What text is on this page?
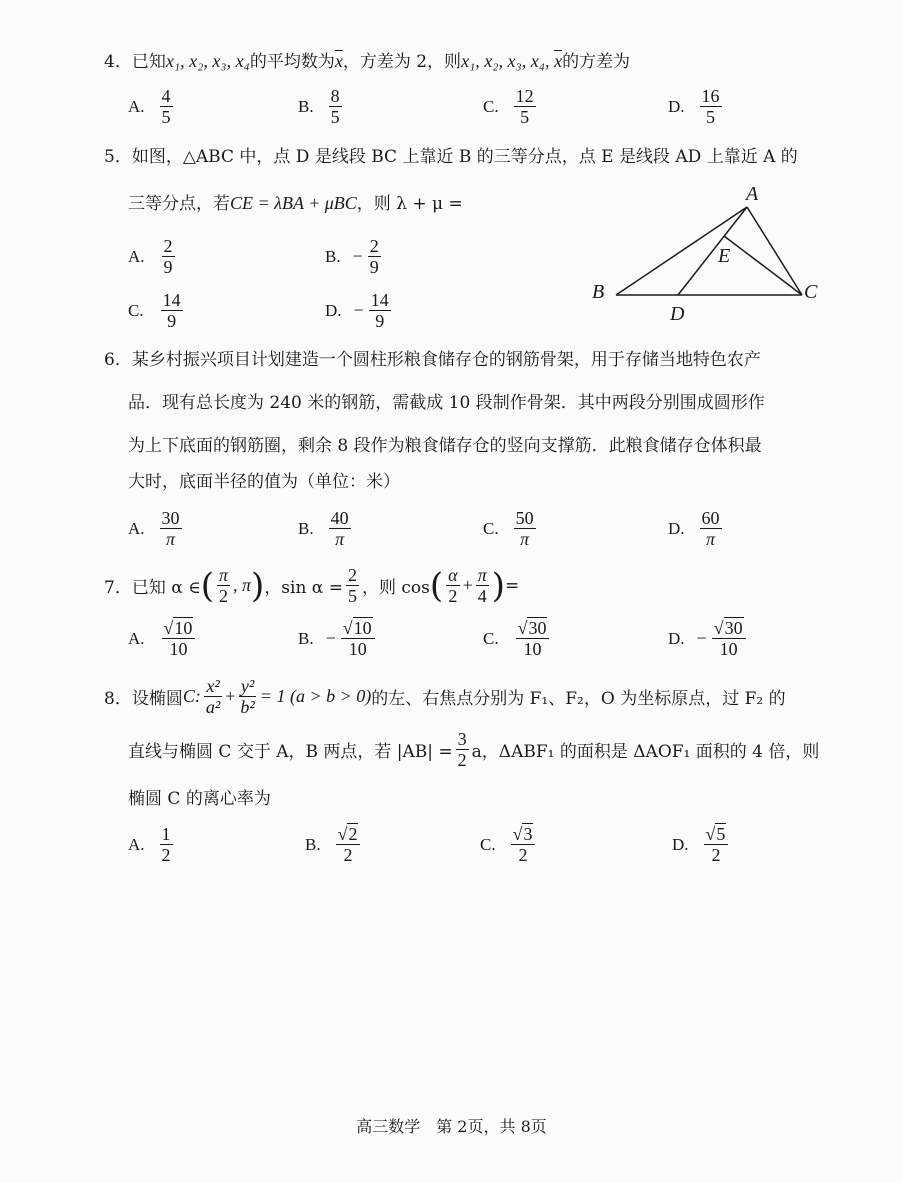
4．已知x₁, x₂, x₃, x₄的平均数为$\overline{x}$，方差为 2，则x₁, x₂, x₃, x₄, $\overline{x}$的方差为
A. $\frac{4}{5}$	B. $\frac{8}{5}$	C. $\frac{12}{5}$	D. $\frac{16}{5}$
5．如图，△ABC 中，点 D 是线段 BC 上靠近 B 的三等分点，点 E 是线段 AD 上靠近 A 的
三等分点，若CE = λBA + μBC，则 λ + μ =
A. $\frac{2}{9}$	B. − $\frac{2}{9}$
C. $\frac{14}{9}$	D. − $\frac{14}{9}$
A
B	C
D
E
6．某乡村振兴项目计划建造一个圆柱形粮食储存仓的钢筋骨架，用于存储当地特色农产
品．现有总长度为 240 米的钢筋，需截成 10 段制作骨架．其中两段分别围成圆形作
为上下底面的钢筋圈，剩余 8 段作为粮食储存仓的竖向支撑筋．此粮食储存仓体积最
大时，底面半径的值为（单位：米）
A. $\frac{30}{\pi}$	B. $\frac{40}{\pi}$	C. $\frac{50}{\pi}$	D. $\frac{60}{\pi}$
7． 已知 α ∈ ( $\frac{\pi}{2}$ , π ) ，$\sin \alpha = \frac{2}{5}$ ，则 cos ( $\frac{\alpha}{2} + \frac{\pi}{4}$ ) =
A. $\frac{√10}{10}$	B. − $\frac{√10}{10}$	C. $\frac{√30}{10}$	D. − $\frac{√30}{10}$
8． 设椭圆 C: $\frac{\text{x²}}{\text{a²}} + \frac{\text{y²}}{\text{b²}} = 1$ (a > b > 0) 的左、右焦点分别为 F₁、F₂，O 为坐标原点，过 F₂ 的
直线与椭圆 C 交于 A，B 两点，若 $|AB| = \frac{3}{2}$ a，ΔABF₁ 的面积是 ΔAOF₁ 面积的 4 倍，则
椭圆 C 的离心率为
A. $\frac{1}{2}$	B. $\frac{√2}{2}$	C. $\frac{√3}{2}$	D. $\frac{√5}{2}$
高三数学　第 2页，共 8页
